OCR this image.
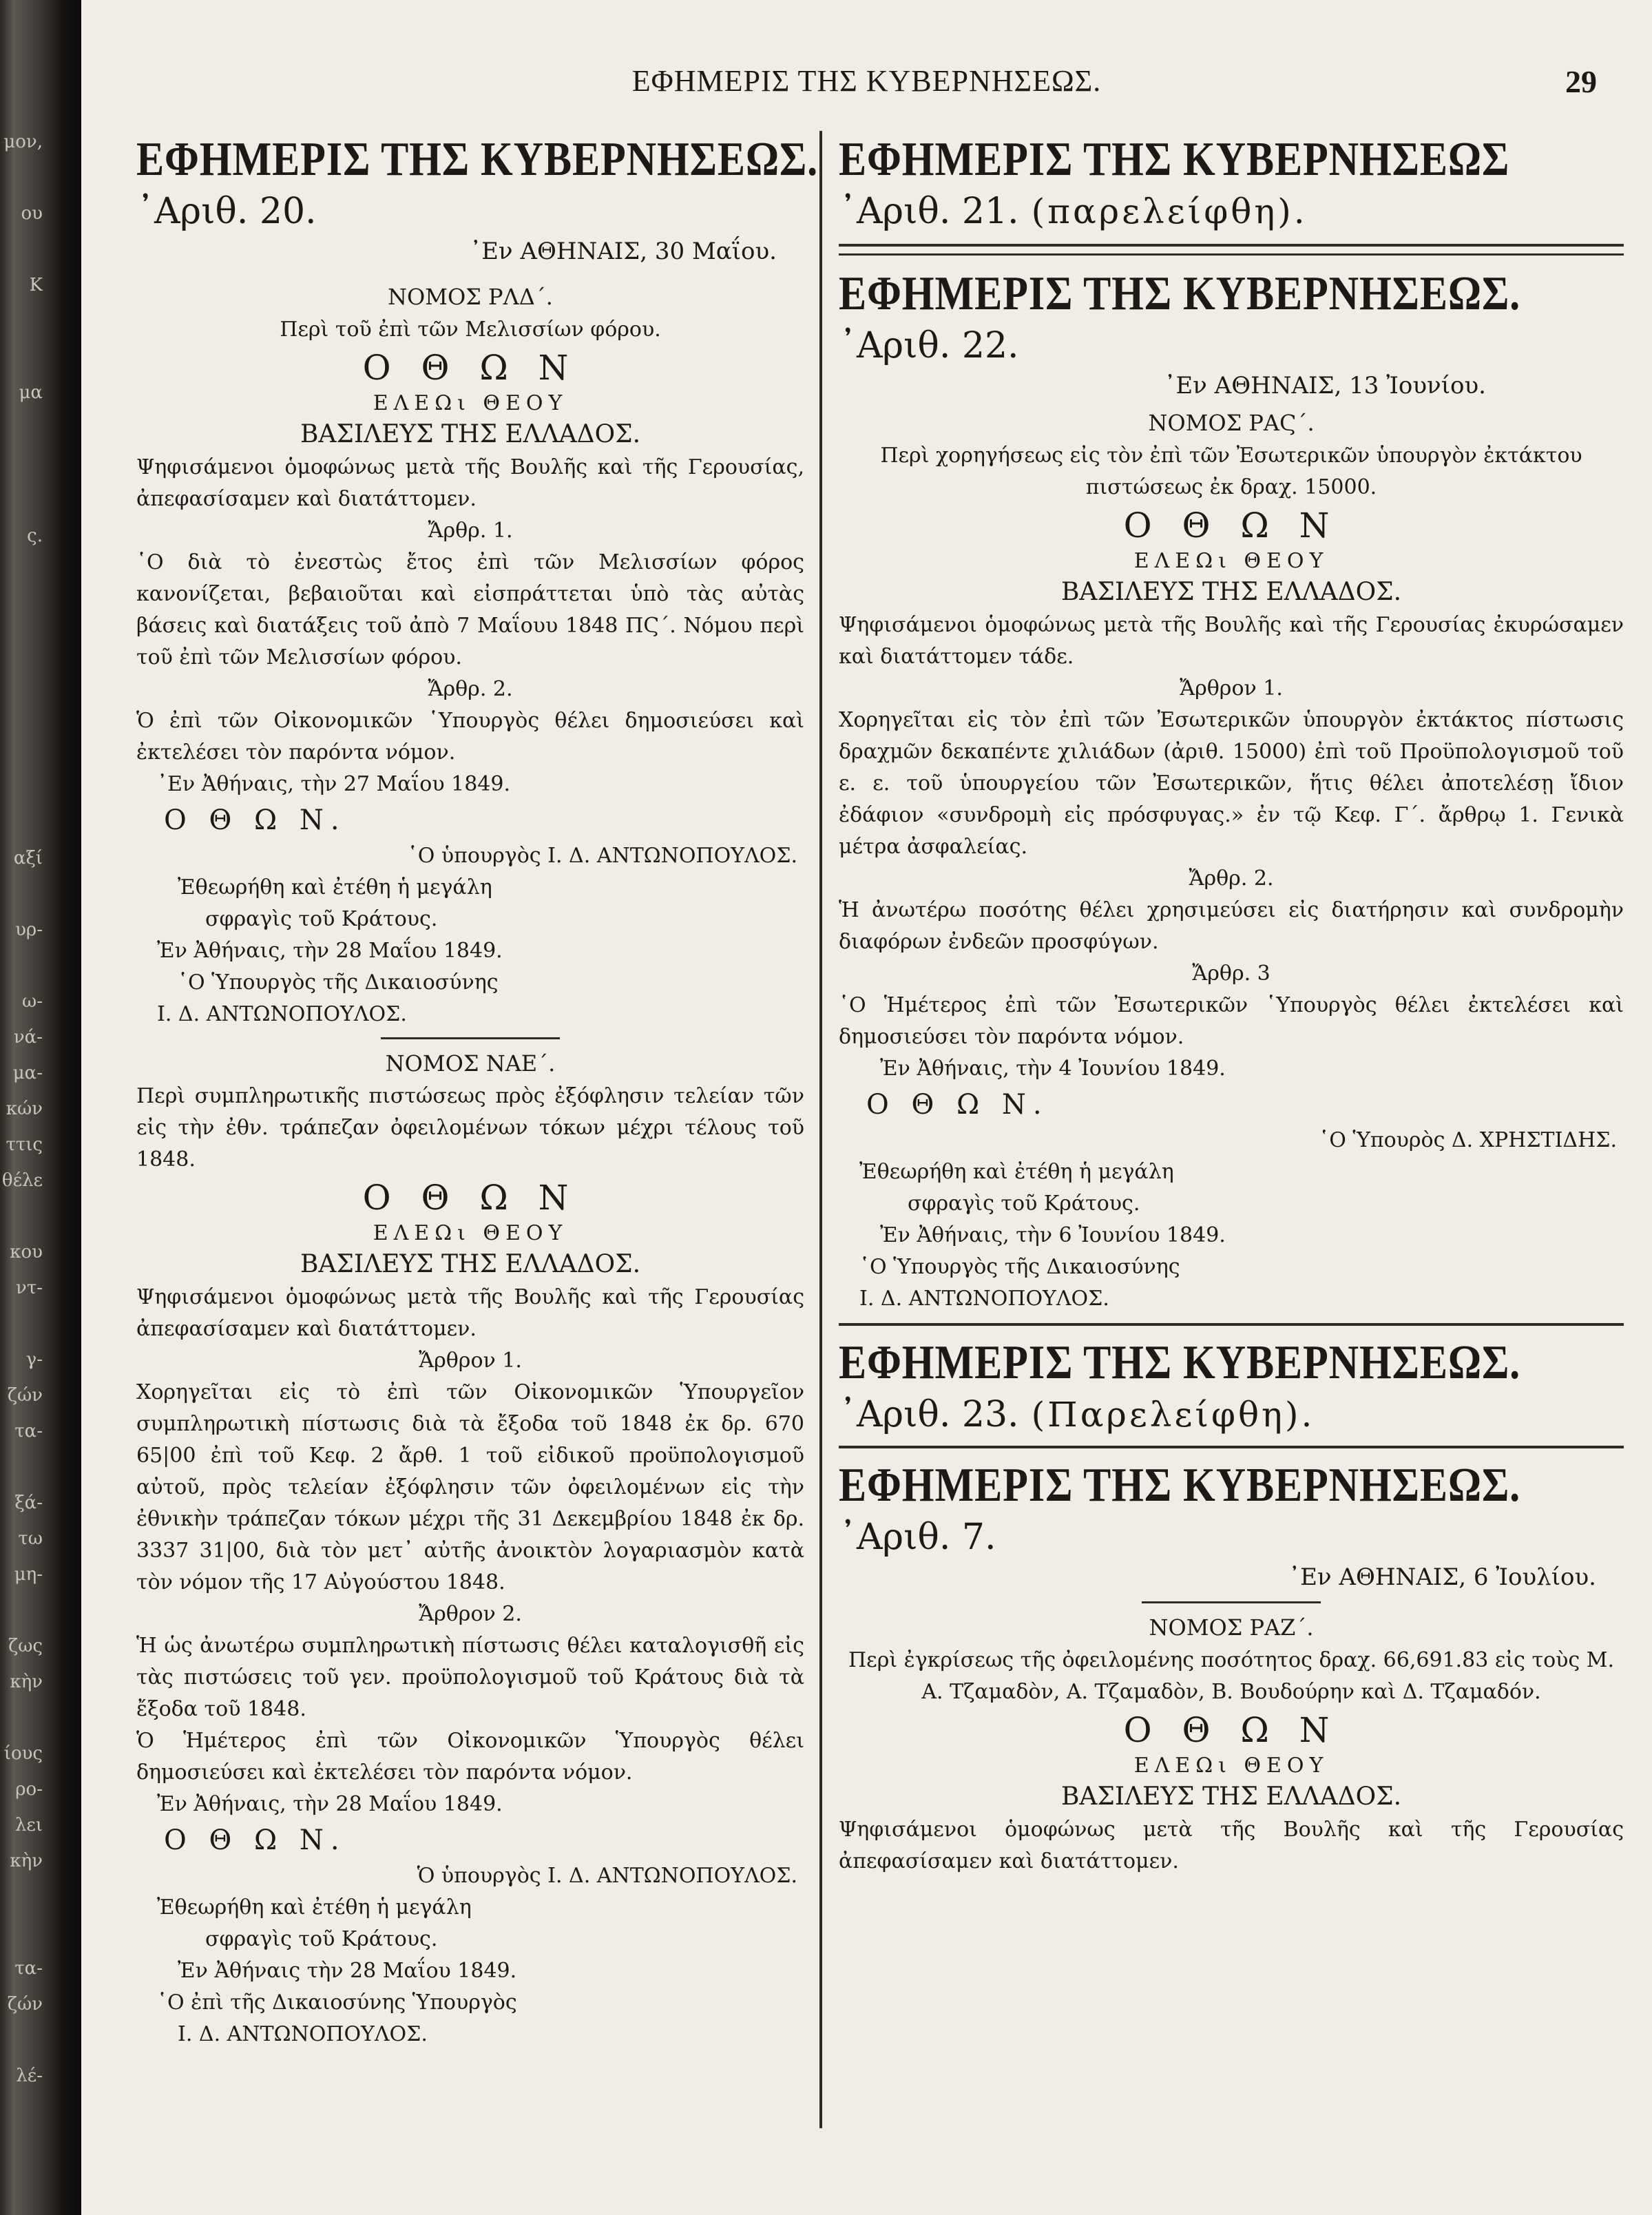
μον,
ου
Κ
μα
ς.
αξί
υρ-
ω-
νά-
μα-
κών
ττις
θέλε
κου
ντ-
γ-
ζών
τα-
ξά-
τω
μη-
ζως
κὴν
ίους
ρο-
λει
κὴν
τα-
ζών
λέ-
ΕΦΗΜΕΡΙΣ ΤΗΣ ΚΥΒΕΡΝΗΣΕΩΣ.	29
ΕΦΗΜΕΡΙΣ ΤΗΣ ΚΥΒΕΡΝΗΣΕΩΣ.
᾽Αριθ. 20.
᾽Εν ΑΘΗΝΑΙΣ, 30 Μαΐου.
ΝΟΜΟΣ ΡΛΔ΄.
Περὶ τοῦ ἐπὶ τῶν Μελισσίων φόρου.
Ο Θ Ω Ν
ΕΛΕΩι ΘΕΟΥ
ΒΑΣΙΛΕΥΣ ΤΗΣ ΕΛΛΑΔΟΣ.
Ψηφισάμενοι ὁμοφώνως μετὰ τῆς Βουλῆς καὶ τῆς Γερουσίας, ἀπεφασίσαμεν καὶ διατάττομεν.
Ἄρθρ. 1.
῾Ο διὰ τὸ ἐνεστὼς ἔτος ἐπὶ τῶν Μελισσίων φόρος κανονίζεται, βεβαιοῦται καὶ εἰσπράττεται ὑπὸ τὰς αὐτὰς βάσεις καὶ διατάξεις τοῦ ἀπὸ 7 Μαΐουυ 1848 ΠϚ΄. Νόμου περὶ τοῦ ἐπὶ τῶν Μελισσίων φόρου.
Ἄρθρ. 2.
Ὁ ἐπὶ τῶν Οἰκονομικῶν ῾Υπουργὸς θέλει δημοσιεύσει καὶ ἐκτελέσει τὸν παρόντα νόμον.
᾽Εν Ἀθήναις, τὴν 27 Μαΐου 1849.
Ο Θ Ω Ν.
῾Ο ὑπουργὸς Ι. Δ. ΑΝΤΩΝΟΠΟΥΛΟΣ.
Ἐθεωρήθη καὶ ἐτέθη ἡ μεγάλη
σφραγὶς τοῦ Κράτους.
Ἐν Ἀθήναις, τὴν 28 Μαΐου 1849.
῾Ο Ὑπουργὸς τῆς Δικαιοσύνης
Ι. Δ. ΑΝΤΩΝΟΠΟΥΛΟΣ.
ΝΟΜΟΣ ΝΑΕ΄.
Περὶ συμπληρωτικῆς πιστώσεως πρὸς ἐξόφλησιν τελείαν τῶν εἰς τὴν ἐθν. τράπεζαν ὀφειλομένων τόκων μέχρι τέλους τοῦ 1848.
Ο Θ Ω Ν
ΕΛΕΩι ΘΕΟΥ
ΒΑΣΙΛΕΥΣ ΤΗΣ ΕΛΛΑΔΟΣ.
Ψηφισάμενοι ὁμοφώνως μετὰ τῆς Βουλῆς καὶ τῆς Γερουσίας ἀπεφασίσαμεν καὶ διατάττομεν.
Ἄρθρον 1.
Χορηγεῖται εἰς τὸ ἐπὶ τῶν Οἰκονομικῶν Ὑπουργεῖον συμπληρωτικὴ πίστωσις διὰ τὰ ἔξοδα τοῦ 1848 ἐκ δρ. 670 65|00 ἐπὶ τοῦ Κεφ. 2 ἄρθ. 1 τοῦ εἰδικοῦ προϋπολογισμοῦ αὐτοῦ, πρὸς τελείαν ἐξόφλησιν τῶν ὀφειλομένων εἰς τὴν ἐθνικὴν τράπεζαν τόκων μέχρι τῆς 31 Δεκεμβρίου 1848 ἐκ δρ. 3337 31|00, διὰ τὸν μετ᾽ αὐτῆς ἀνοικτὸν λογαριασμὸν κατὰ τὸν νόμον τῆς 17 Αὐγούστου 1848.
Ἄρθρον 2.
Ἡ ὡς ἀνωτέρω συμπληρωτικὴ πίστωσις θέλει καταλογισθῆ εἰς τὰς πιστώσεις τοῦ γεν. προϋπολογισμοῦ τοῦ Κράτους διὰ τὰ ἔξοδα τοῦ 1848.
Ὁ Ἡμέτερος ἐπὶ τῶν Οἰκονομικῶν Ὑπουργὸς θέλει δημοσιεύσει καὶ ἐκτελέσει τὸν παρόντα νόμον.
Ἐν Ἀθήναις, τὴν 28 Μαΐου 1849.
Ο Θ Ω Ν.
Ὁ ὑπουργὸς Ι. Δ. ΑΝΤΩΝΟΠΟΥΛΟΣ.
Ἐθεωρήθη καὶ ἐτέθη ἡ μεγάλη
σφραγὶς τοῦ Κράτους.
Ἐν Ἀθήναις τὴν 28 Μαΐου 1849.
῾Ο ἐπὶ τῆς Δικαιοσύνης Ὑπουργὸς
Ι. Δ. ΑΝΤΩΝΟΠΟΥΛΟΣ.
ΕΦΗΜΕΡΙΣ ΤΗΣ ΚΥΒΕΡΝΗΣΕΩΣ
᾽Αριθ. 21. (παρελείφθη).
ΕΦΗΜΕΡΙΣ ΤΗΣ ΚΥΒΕΡΝΗΣΕΩΣ.
᾽Αριθ. 22.
᾽Εν ΑΘΗΝΑΙΣ, 13 Ἰουνίου.
ΝΟΜΟΣ ΡΑϚ΄.
Περὶ χορηγήσεως εἰς τὸν ἐπὶ τῶν Ἐσωτερικῶν ὑπουργὸν ἐκτάκτου πιστώσεως ἐκ δραχ. 15000.
Ο Θ Ω Ν
ΕΛΕΩι ΘΕΟΥ
ΒΑΣΙΛΕΥΣ ΤΗΣ ΕΛΛΑΔΟΣ.
Ψηφισάμενοι ὁμοφώνως μετὰ τῆς Βουλῆς καὶ τῆς Γερουσίας ἐκυρώσαμεν καὶ διατάττομεν τάδε.
Ἄρθρον 1.
Χορηγεῖται εἰς τὸν ἐπὶ τῶν Ἐσωτερικῶν ὑπουργὸν ἐκτάκτος πίστωσις δραχμῶν δεκαπέντε χιλιάδων (ἀριθ. 15000) ἐπὶ τοῦ Προϋπολογισμοῦ τοῦ ε. ε. τοῦ ὑπουργείου τῶν Ἐσωτερικῶν, ἥτις θέλει ἀποτελέσῃ ἴδιον ἐδάφιον «συνδρομὴ εἰς πρόσφυγας.» ἐν τῷ Κεφ. Γ΄. ἄρθρῳ 1. Γενικὰ μέτρα ἀσφαλείας.
Ἄρθρ. 2.
Ἡ ἀνωτέρω ποσότης θέλει χρησιμεύσει εἰς διατήρησιν καὶ συνδρομὴν διαφόρων ἐνδεῶν προσφύγων.
Ἄρθρ. 3
῾Ο Ἡμέτερος ἐπὶ τῶν Ἐσωτερικῶν ῾Υπουργὸς θέλει ἐκτελέσει καὶ δημοσιεύσει τὸν παρόντα νόμον.
Ἐν Ἀθήναις, τὴν 4 Ἰουνίου 1849.
Ο Θ Ω Ν.
῾Ο Ὑπουρὸς Δ. ΧΡΗΣΤΙΔΗΣ.
Ἐθεωρήθη καὶ ἐτέθη ἡ μεγάλη
σφραγὶς τοῦ Κράτους.
Ἐν Ἀθήναις, τὴν 6 Ἰουνίου 1849.
῾Ο Ὑπουργὸς τῆς Δικαιοσύνης
Ι. Δ. ΑΝΤΩΝΟΠΟΥΛΟΣ.
ΕΦΗΜΕΡΙΣ ΤΗΣ ΚΥΒΕΡΝΗΣΕΩΣ.
᾽Αριθ. 23. (Παρελείφθη).
ΕΦΗΜΕΡΙΣ ΤΗΣ ΚΥΒΕΡΝΗΣΕΩΣ.
᾽Αριθ. 7.
᾽Εν ΑΘΗΝΑΙΣ, 6 Ἰουλίου.
ΝΟΜΟΣ ΡΑΖ΄.
Περὶ ἐγκρίσεως τῆς ὀφειλομένης ποσότητος δραχ. 66,691.83 εἰς τοὺς Μ. Α. Τζαμαδὸν, Α. Τζαμαδὸν, Β. Βουδούρην καὶ Δ. Τζαμαδόν.
Ο Θ Ω Ν
ΕΛΕΩι ΘΕΟΥ
ΒΑΣΙΛΕΥΣ ΤΗΣ ΕΛΛΑΔΟΣ.
Ψηφισάμενοι ὁμοφώνως μετὰ τῆς Βουλῆς καὶ τῆς Γερουσίας ἀπεφασίσαμεν καὶ διατάττομεν.
